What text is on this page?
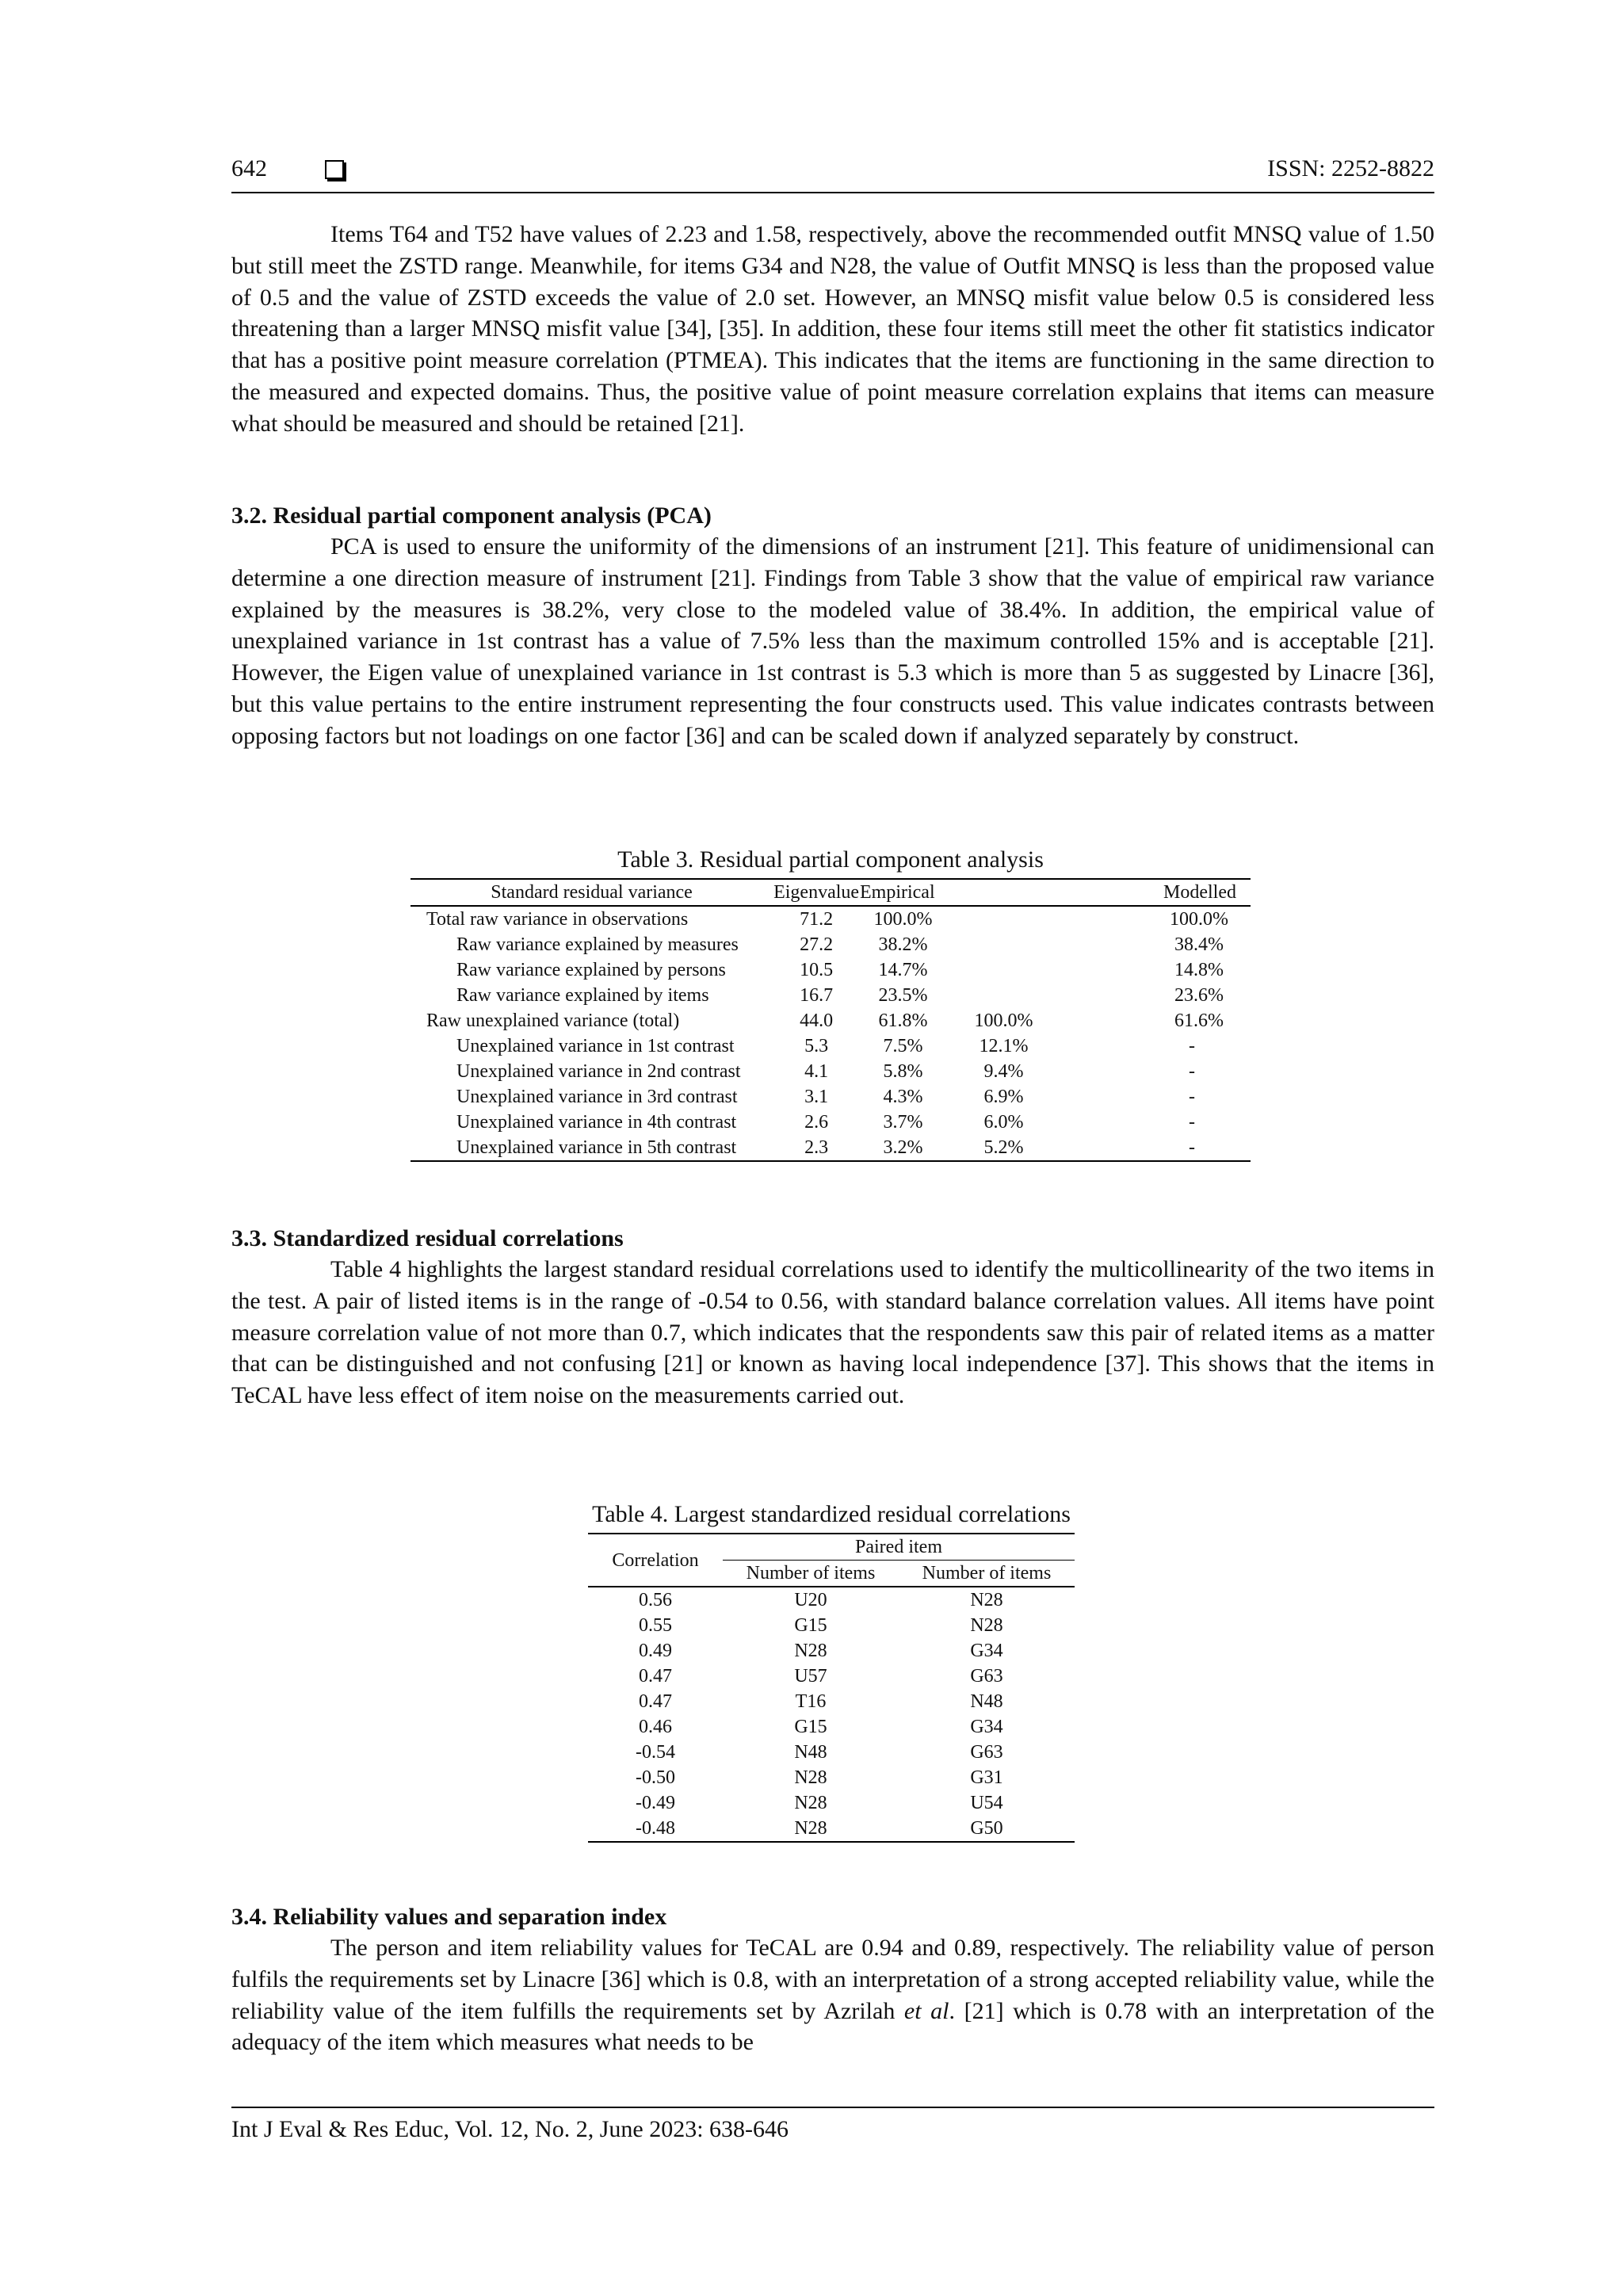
642	ISSN: 2252-8822

Items T64 and T52 have values of 2.23 and 1.58, respectively, above the recommended outfit MNSQ value of 1.50 but still meet the ZSTD range. Meanwhile, for items G34 and N28, the value of Outfit MNSQ is less than the proposed value of 0.5 and the value of ZSTD exceeds the value of 2.0 set. However, an MNSQ misfit value below 0.5 is considered less threatening than a larger MNSQ misfit value [34], [35]. In addition, these four items still meet the other fit statistics indicator that has a positive point measure correlation (PTMEA). This indicates that the items are functioning in the same direction to the measured and expected domains. Thus, the positive value of point measure correlation explains that items can measure what should be measured and should be retained [21].

3.2. Residual partial component analysis (PCA)

PCA is used to ensure the uniformity of the dimensions of an instrument [21]. This feature of unidimensional can determine a one direction measure of instrument [21]. Findings from Table 3 show that the value of empirical raw variance explained by the measures is 38.2%, very close to the modeled value of 38.4%. In addition, the empirical value of unexplained variance in 1st contrast has a value of 7.5% less than the maximum controlled 15% and is acceptable [21]. However, the Eigen value of unexplained variance in 1st contrast is 5.3 which is more than 5 as suggested by Linacre [36], but this value pertains to the entire instrument representing the four constructs used. This value indicates contrasts between opposing factors but not loadings on one factor [36] and can be scaled down if analyzed separately by construct.

Table 3. Residual partial component analysis
Standard residual variance	Eigenvalue	Empirical		Modelled
Total raw variance in observations	71.2	100.0%		100.0%
Raw variance explained by measures	27.2	38.2%		38.4%
Raw variance explained by persons	10.5	14.7%		14.8%
Raw variance explained by items	16.7	23.5%		23.6%
Raw unexplained variance (total)	44.0	61.8%	100.0%	61.6%
Unexplained variance in 1st contrast	5.3	7.5%	12.1%	-
Unexplained variance in 2nd contrast	4.1	5.8%	9.4%	-
Unexplained variance in 3rd contrast	3.1	4.3%	6.9%	-
Unexplained variance in 4th contrast	2.6	3.7%	6.0%	-
Unexplained variance in 5th contrast	2.3	3.2%	5.2%	-

3.3. Standardized residual correlations

Table 4 highlights the largest standard residual correlations used to identify the multicollinearity of the two items in the test. A pair of listed items is in the range of -0.54 to 0.56, with standard balance correlation values. All items have point measure correlation value of not more than 0.7, which indicates that the respondents saw this pair of related items as a matter that can be distinguished and not confusing [21] or known as having local independence [37]. This shows that the items in TeCAL have less effect of item noise on the measurements carried out.

Table 4. Largest standardized residual correlations
Correlation	Paired item	
	Number of items	Number of items
0.56	U20	N28
0.55	G15	N28
0.49	N28	G34
0.47	U57	G63
0.47	T16	N48
0.46	G15	G34
-0.54	N48	G63
-0.50	N28	G31
-0.49	N28	U54
-0.48	N28	G50

3.4. Reliability values and separation index

The person and item reliability values for TeCAL are 0.94 and 0.89, respectively. The reliability value of person fulfils the requirements set by Linacre [36] which is 0.8, with an interpretation of a strong accepted reliability value, while the reliability value of the item fulfills the requirements set by Azrilah et al. [21] which is 0.78 with an interpretation of the adequacy of the item which measures what needs to be

Int J Eval & Res Educ, Vol. 12, No. 2, June 2023: 638-646
